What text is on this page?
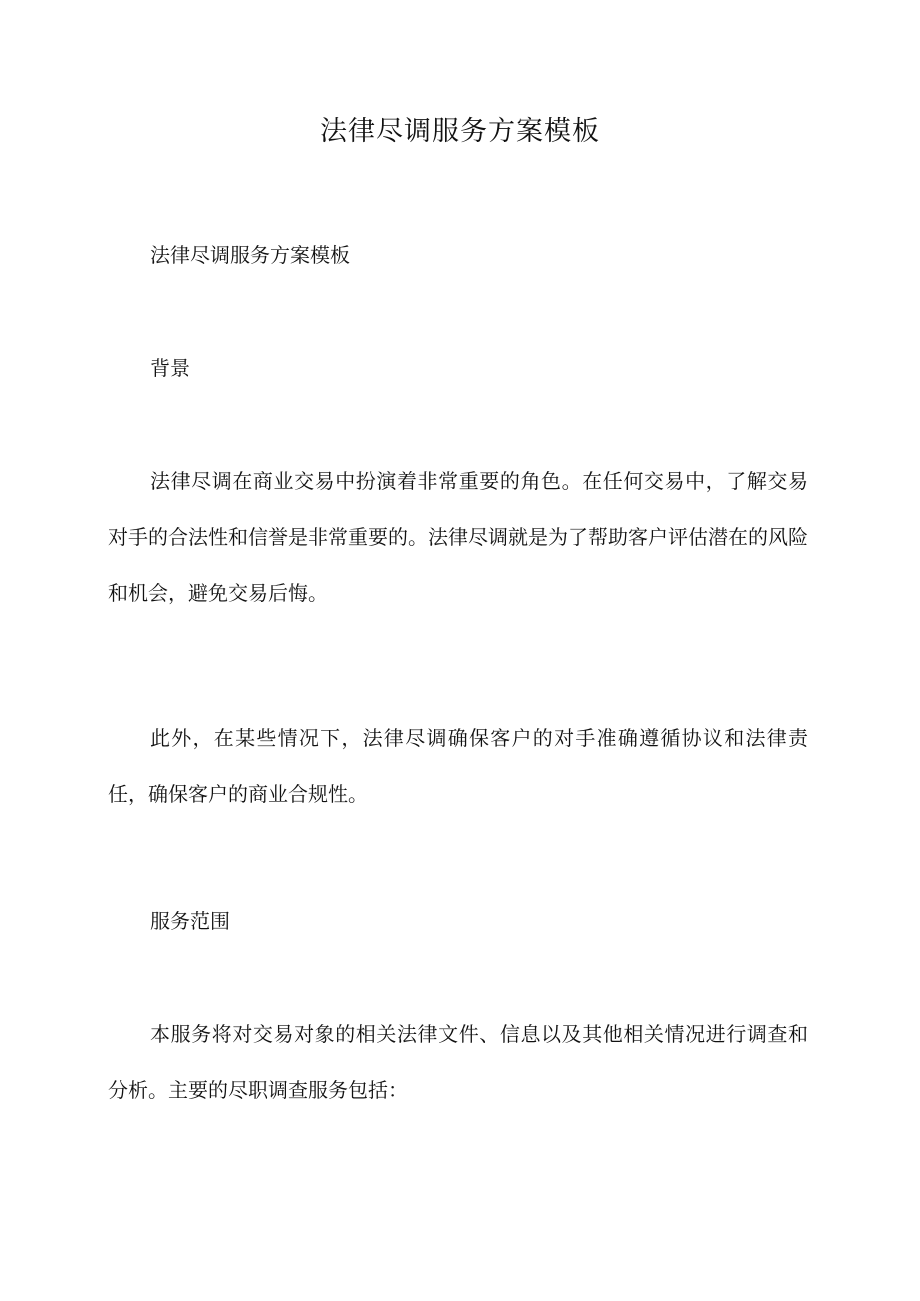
法律尽调服务方案模板

法律尽调服务方案模板

背景

法律尽调在商业交易中扮演着非常重要的角色。在任何交易中，了解交易对手的合法性和信誉是非常重要的。法律尽调就是为了帮助客户评估潜在的风险和机会，避免交易后悔。

此外，在某些情况下，法律尽调确保客户的对手准确遵循协议和法律责任，确保客户的商业合规性。

服务范围

本服务将对交易对象的相关法律文件、信息以及其他相关情况进行调查和分析。主要的尽职调查服务包括：
